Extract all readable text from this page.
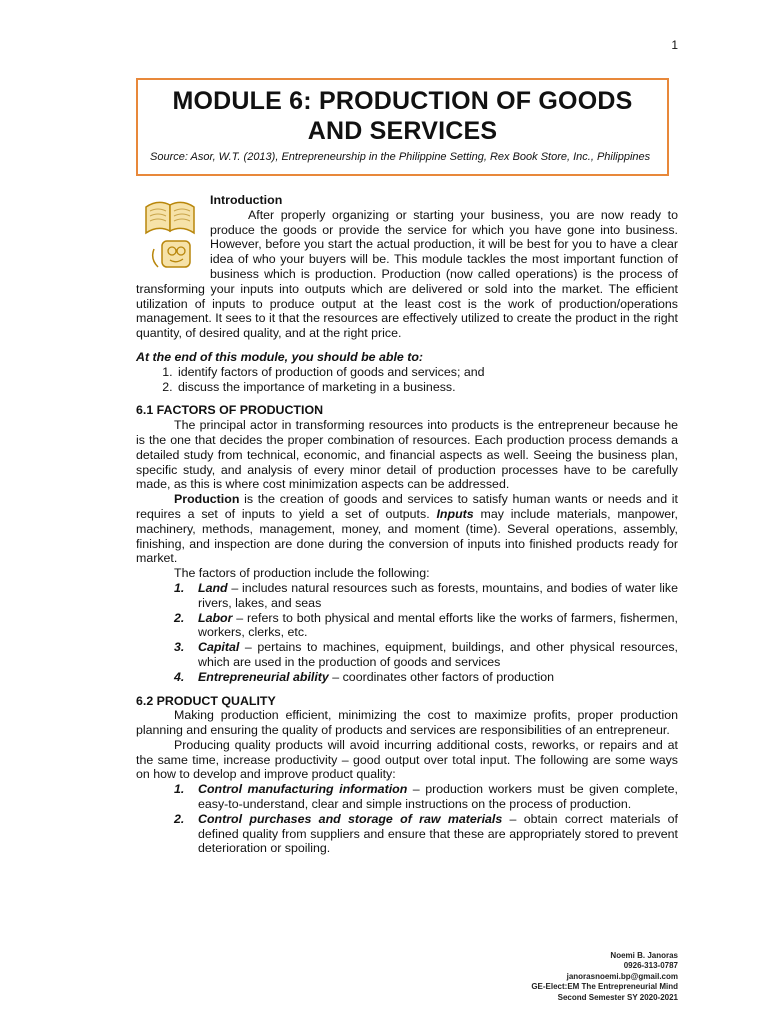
1
MODULE 6: PRODUCTION OF GOODS AND SERVICES
Source: Asor, W.T. (2013), Entrepreneurship in the Philippine Setting, Rex Book Store, Inc., Philippines
Introduction

After properly organizing or starting your business, you are now ready to produce the goods or provide the service for which you have gone into business. However, before you start the actual production, it will be best for you to have a clear idea of who your buyers will be. This module tackles the most important function of business which is production. Production (now called operations) is the process of transforming your inputs into outputs which are delivered or sold into the market. The efficient utilization of inputs to produce output at the least cost is the work of production/operations management. It sees to it that the resources are effectively utilized to create the product in the right quantity, of desired quality, and at the right price.

At the end of this module, you should be able to:
1. identify factors of production of goods and services; and
2. discuss the importance of marketing in a business.
6.1 FACTORS OF PRODUCTION

The principal actor in transforming resources into products is the entrepreneur because he is the one that decides the proper combination of resources. Each production process demands a detailed study from technical, economic, and financial aspects as well. Seeing the business plan, specific study, and analysis of every minor detail of production processes have to be carefully made, as this is where cost minimization aspects can be addressed.

Production is the creation of goods and services to satisfy human wants or needs and it requires a set of inputs to yield a set of outputs. Inputs may include materials, manpower, machinery, methods, management, money, and moment (time). Several operations, assembly, finishing, and inspection are done during the conversion of inputs into finished products ready for market.

The factors of production include the following:

1. Land – includes natural resources such as forests, mountains, and bodies of water like rivers, lakes, and seas
2. Labor – refers to both physical and mental efforts like the works of farmers, fishermen, workers, clerks, etc.
3. Capital – pertains to machines, equipment, buildings, and other physical resources, which are used in the production of goods and services
4. Entrepreneurial ability – coordinates other factors of production
6.2 PRODUCT QUALITY

Making production efficient, minimizing the cost to maximize profits, proper production planning and ensuring the quality of products and services are responsibilities of an entrepreneur.

Producing quality products will avoid incurring additional costs, reworks, or repairs and at the same time, increase productivity – good output over total input. The following are some ways on how to develop and improve product quality:

1. Control manufacturing information – production workers must be given complete, easy-to-understand, clear and simple instructions on the process of production.
2. Control purchases and storage of raw materials – obtain correct materials of defined quality from suppliers and ensure that these are appropriately stored to prevent deterioration or spoiling.
Noemi B. Janoras
0926-313-0787
janorasnoemi.bp@gmail.com
GE-Elect:EM The Entrepreneurial Mind
Second Semester SY 2020-2021
